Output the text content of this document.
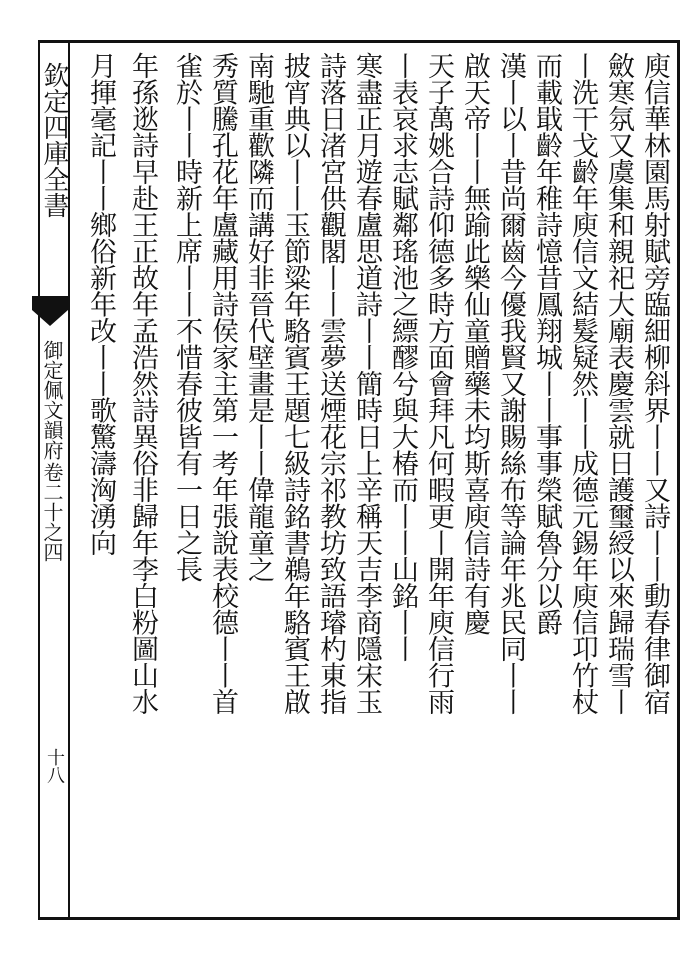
欽定四庫全書
御定佩文韻府
卷二十之四
十八
庾信華林園馬射賦旁臨細柳斜界丨丨又詩丨丨動春律御宿
斂寒氛又虞集和親祀大廟表慶雲就日護璽綬以來歸瑞雪丨
丨洗干戈齡年庾信文結髮疑然丨丨成德元錫年庾信卭竹杖
而載戢齡年稚詩憶昔鳳翔城丨丨事事榮賦魯分以爵
漢丨以丨昔尚爾齒今優我賢又謝賜絲布等論年兆民同丨丨
啟天帝丨丨無踰此樂仙童贈藥未均斯喜庾信詩有慶
天子萬姚合詩仰德多時方面會拜凡何暇更丨開年庾信行雨
丨表哀求志賦鄰瑤池之縹醪兮與大椿而丨丨山銘丨丨
寒盡正月遊春盧思道詩丨丨簡時日上辛稱天吉李商隱宋玉
詩落日渚宮供觀閣丨丨雲夢送煙花宗祁教坊致語璿杓東指
披宵典以丨丨玉節粱年駱賓王題七級詩銘書鵜年駱賓王啟
南馳重歡隣而講好非晉代壁畫是丨丨偉龍童之
秀質騰孔花年盧藏用詩侯家主第一考年張說表校德丨丨首
雀於丨丨時新上席丨丨不惜春彼皆有一日之長
年孫逖詩早赴王正故年孟浩然詩異俗非歸年李白粉圖山水
月揮毫記丨丨鄉俗新年改丨丨歌驚濤洶湧向
